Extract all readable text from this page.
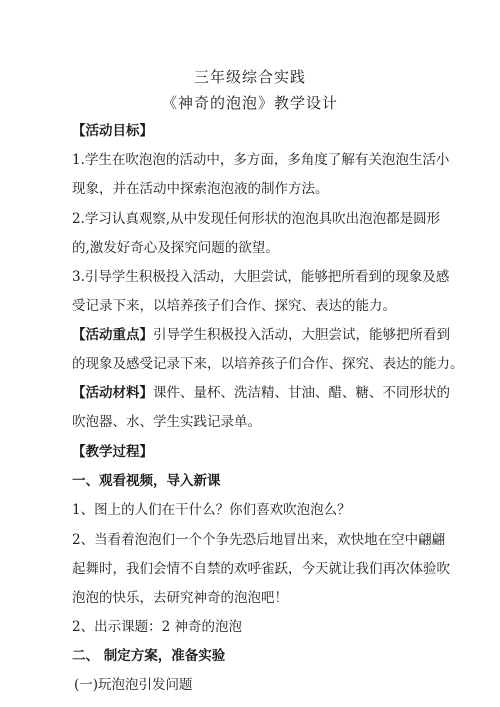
三年级综合实践
《神奇的泡泡》教学设计
【活动目标】
1.学生在吹泡泡的活动中，多方面，多角度了解有关泡泡生活小
现象，并在活动中探索泡泡液的制作方法。
2.学习认真观察,从中发现任何形状的泡泡具吹出泡泡都是圆形
的,激发好奇心及探究问题的欲望。
3.引导学生积极投入活动，大胆尝试，能够把所看到的现象及感
受记录下来，以培养孩子们合作、探究、表达的能力。
【活动重点】引导学生积极投入活动，大胆尝试，能够把所看到
的现象及感受记录下来，以培养孩子们合作、探究、表达的能力。
【活动材料】课件、量杯、洗洁精、甘油、醋、糖、不同形状的
吹泡器、水、学生实践记录单。
【教学过程】
一、观看视频，导入新课
1、图上的人们在干什么？你们喜欢吹泡泡么？
2、当看着泡泡们一个个争先恐后地冒出来，欢快地在空中翩翩
起舞时，我们会情不自禁的欢呼雀跃，今天就让我们再次体验吹
泡泡的快乐，去研究神奇的泡泡吧！
2、出示课题：2 神奇的泡泡
二、 制定方案，准备实验
(一)玩泡泡引发问题
